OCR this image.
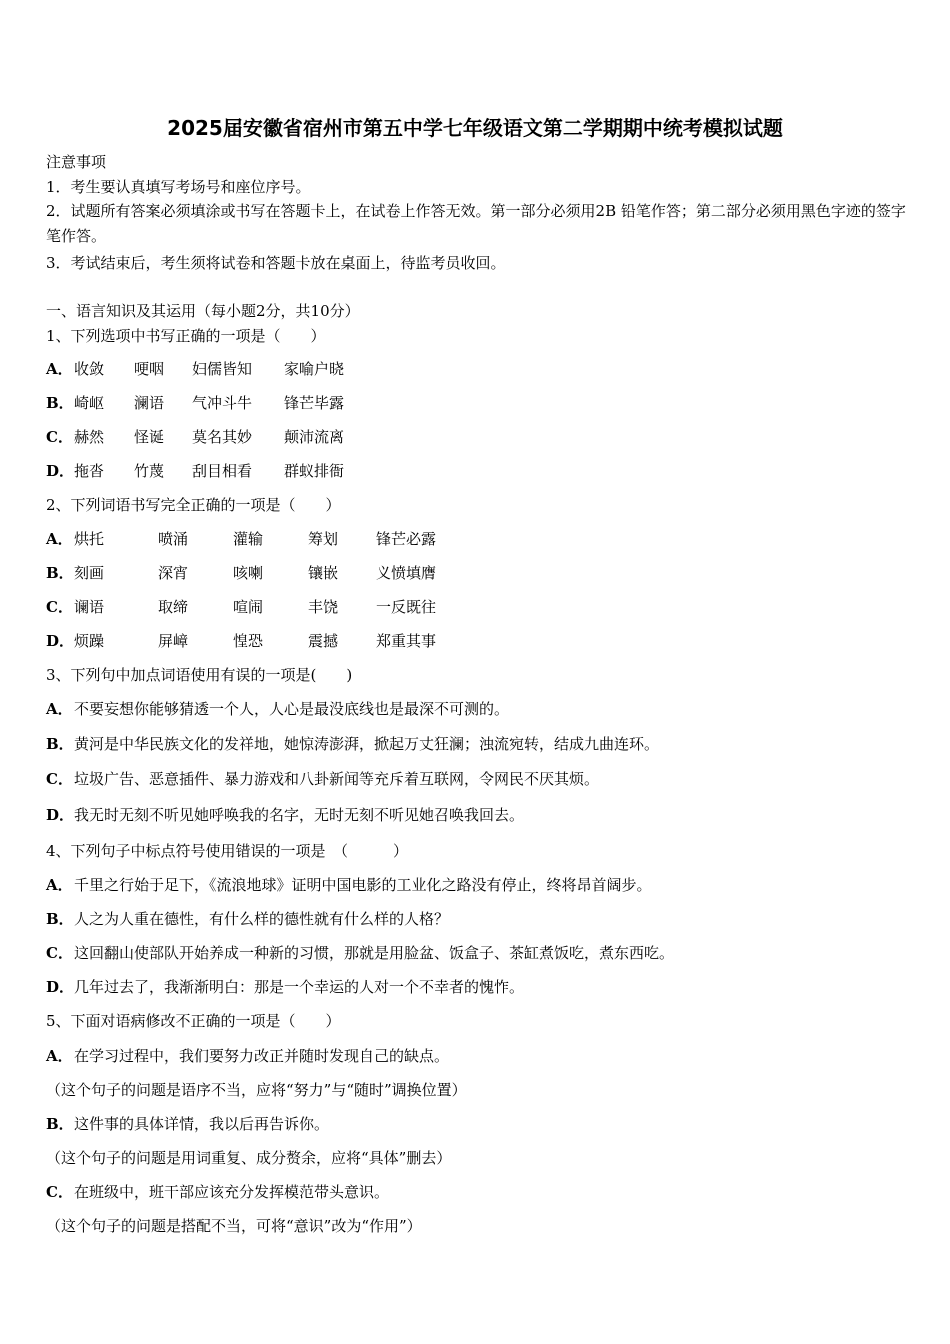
2025届安徽省宿州市第五中学七年级语文第二学期期中统考模拟试题
注意事项
1．考生要认真填写考场号和座位序号。
2．试题所有答案必须填涂或书写在答题卡上，在试卷上作答无效。第一部分必须用2B 铅笔作答；第二部分必须用黑色字迹的签字笔作答。
3．考试结束后，考生须将试卷和答题卡放在桌面上，待监考员收回。
一、语言知识及其运用（每小题2分，共10分）
1、下列选项中书写正确的一项是（　　）
A．收敛 哽咽 妇儒皆知 家喻户晓
B．崎岖 澜语 气冲斗牛 锋芒毕露
C．赫然 怪诞 莫名其妙 颠沛流离
D．拖沓 竹蔑 刮目相看 群蚁排衙
2、下列词语书写完全正确的一项是（　　）
A．烘托	喷涌	灌输	筹划	锋芒必露
B．刻画	深宵	咳喇	镶嵌	义愤填膺
C．谰语	取缔	喧闹	丰饶	一反既往
D．烦躁	屏嶂	惶恐	震撼	郑重其事
3、下列句中加点词语使用有误的一项是(　　)
A．不要妄想你能够猜透一个人，人心是最没底线也是最深不可测的。
B．黄河是中华民族文化的发祥地，她惊涛澎湃，掀起万丈狂澜；浊流宛转，结成九曲连环。
C．垃圾广告、恶意插件、暴力游戏和八卦新闻等充斥着互联网，令网民不厌其烦。
D．我无时无刻不听见她呼唤我的名字，无时无刻不听见她召唤我回去。
4、下列句子中标点符号使用错误的一项是　（　　　）
A．千里之行始于足下，《流浪地球》证明中国电影的工业化之路没有停止，终将昂首阔步。
B．人之为人重在德性，有什么样的德性就有什么样的人格？
C．这回翻山使部队开始养成一种新的习惯，那就是用脸盆、饭盒子、茶缸煮饭吃，煮东西吃。
D．几年过去了，我渐渐明白：那是一个幸运的人对一个不幸者的愧怍。
5、下面对语病修改不正确的一项是（　　）
A．在学习过程中，我们要努力改正并随时发现自己的缺点。
（这个句子的问题是语序不当，应将“努力”与“随时”调换位置）
B．这件事的具体详情，我以后再告诉你。
（这个句子的问题是用词重复、成分赘余，应将“具体”删去）
C．在班级中，班干部应该充分发挥模范带头意识。
（这个句子的问题是搭配不当，可将“意识”改为“作用”）
